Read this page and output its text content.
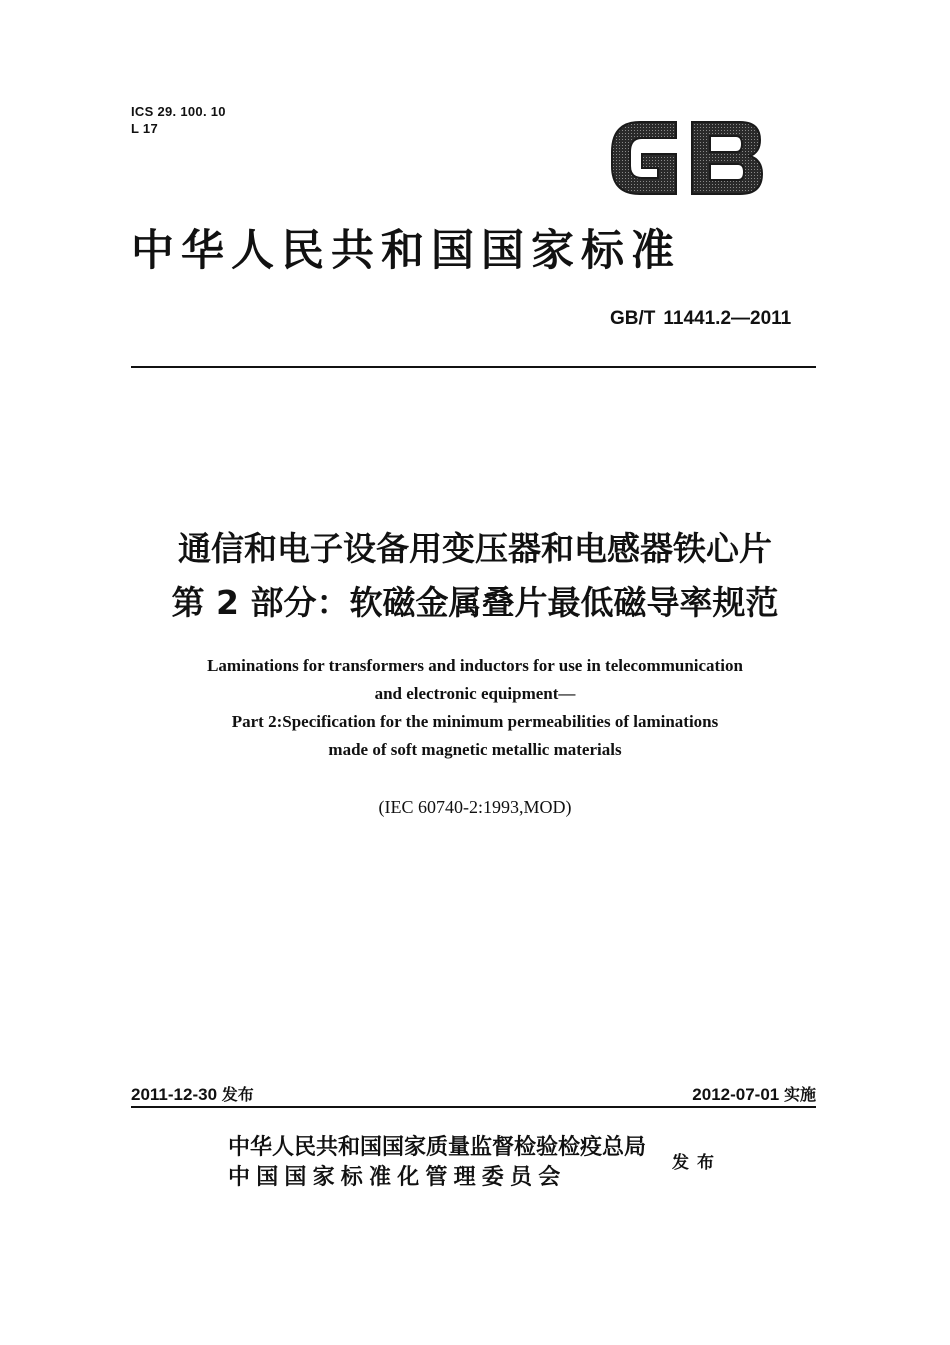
ICS 29. 100. 10
L 17
中华人民共和国国家标准
GB/T 11441.2—2011
通信和电子设备用变压器和电感器铁心片
第 2 部分：软磁金属叠片最低磁导率规范
Laminations for transformers and inductors for use in telecommunication
and electronic equipment—
Part 2:Specification for the minimum permeabilities of laminations
made of soft magnetic metallic materials
(IEC 60740-2:1993,MOD)
2011-12-30 发布	2012-07-01 实施
中华人民共和国国家质量监督检验检疫总局
中国国家标准化管理委员会
发布
